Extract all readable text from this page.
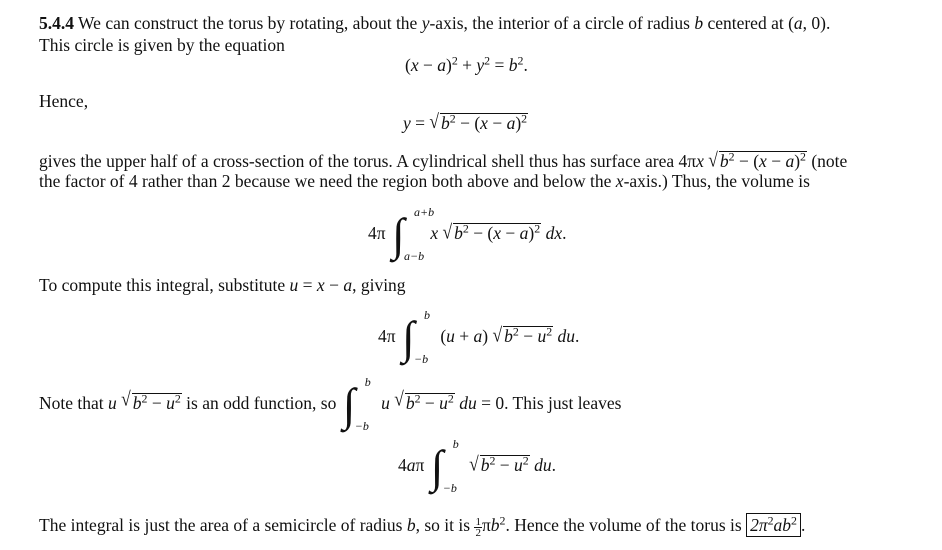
5.4.4 We can construct the torus by rotating, about the y-axis, the interior of a circle of radius b centered at (a, 0).
This circle is given by the equation
$(x - a)^2 + y^2 = b^2$.
Hence,
y = √ $b^2 - (x - a)^2$
gives the upper half of a cross-section of the torus. A cylindrical shell thus has surface area 4πx √ $b^2 - (x - a)^2$ (note
the factor of 4 rather than 2 because we need the region both above and below the x-axis.) Thus, the volume is
4π ∫ a+b
a−b
x √ $b^2 - (x - a)^2$ dx.
To compute this integral, substitute u = x − a, giving
4π ∫ b
−b
(u + a) √ $b^2 - u^2$ du.
Note that u √ $b^2 - u^2$ is an odd function, so ∫ b
−b
u √ $b^2 - u^2$ du = 0. This just leaves
4aπ ∫ b
−b
√ $b^2 - u^2$ du.
The integral is just the area of a semicircle of radius b, so it is $\frac{1}{2} \pi b^2$. Hence the volume of the torus is $2\pi^2ab^2$ .
